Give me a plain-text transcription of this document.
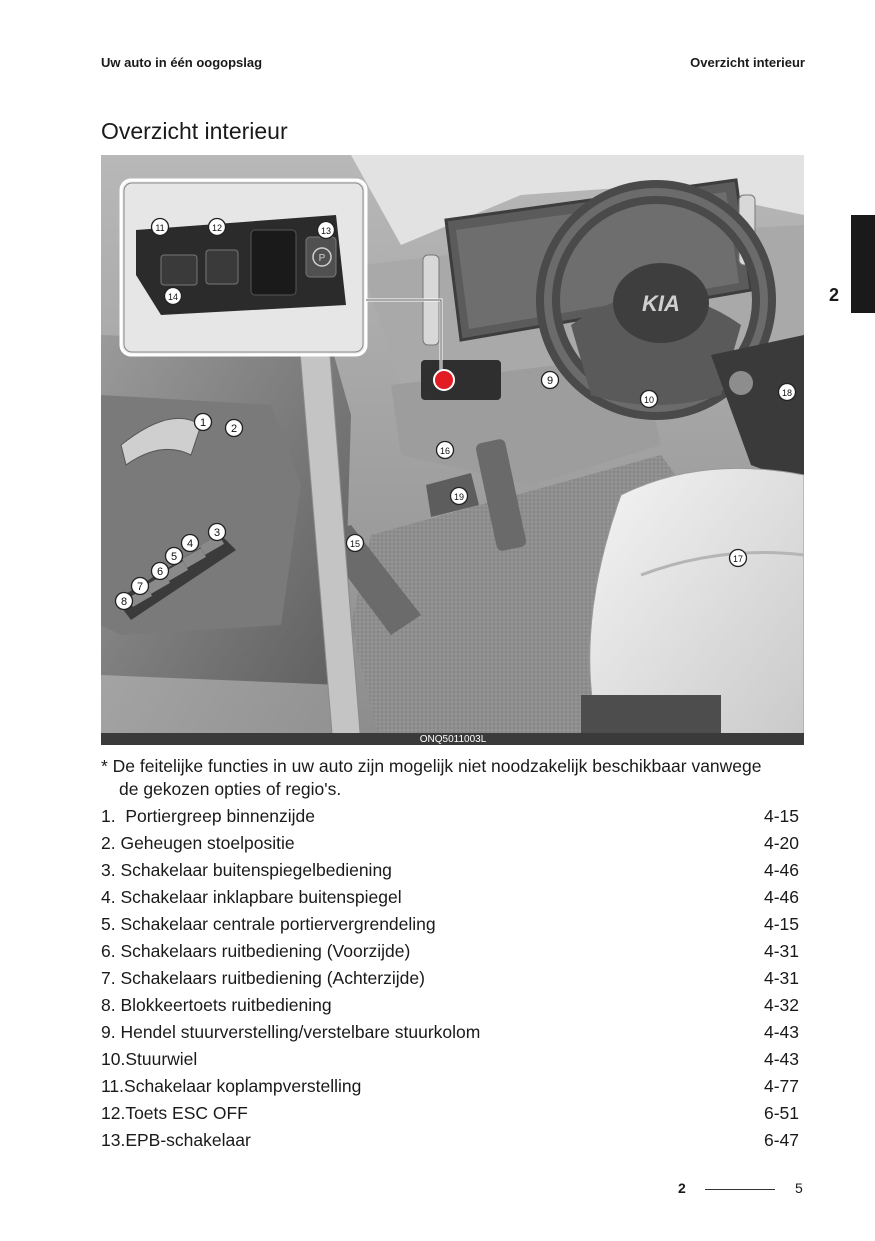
Uw auto in één oogopslag	Overzicht interieur
Overzicht interieur
2
KIA
P
1 2
3
4
5
6
7
8
9
10
11	12	13
14
15
16
17
18
19
ONQ5011003L
* De feitelijke functies in uw auto zijn mogelijk niet noodzakelijk beschikbaar vanwege
de gekozen opties of regio's.
1.  Portiergreep binnenzijde	4-15
2. Geheugen stoelpositie	4-20
3. Schakelaar buitenspiegelbediening	4-46
4. Schakelaar inklapbare buitenspiegel	4-46
5. Schakelaar centrale portiervergrendeling	4-15
6. Schakelaars ruitbediening (Voorzijde)	4-31
7. Schakelaars ruitbediening (Achterzijde)	4-31
8. Blokkeertoets ruitbediening	4-32
9. Hendel stuurverstelling/verstelbare stuurkolom	4-43
10.Stuurwiel	4-43
11.Schakelaar koplampverstelling	4-77
12.Toets ESC OFF	6-51
13.EPB-schakelaar	6-47
2	5
